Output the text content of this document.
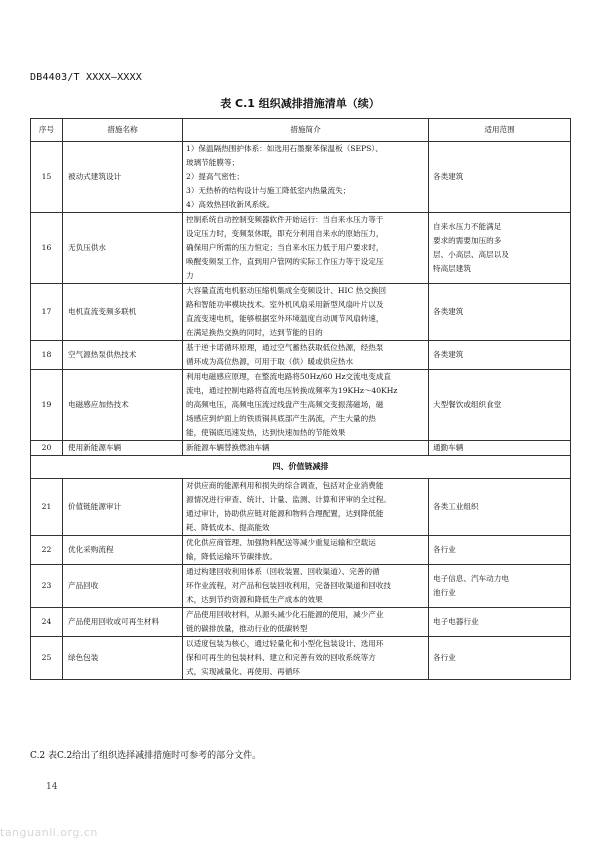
DB4403/T XXXX—XXXX
表 C.1 组织减排措施清单（续）
序号	措施名称	措施简介	适用范围
15	被动式建筑设计	1）保温隔热围护体系：如选用石墨聚苯保温板（SEPS）、
玻璃节能膜等；
2）提高气密性；
3）无热桥的结构设计与施工降低室内热量流失；
4）高效热回收新风系统。	各类建筑

16	无负压供水	控制系统自动控制变频器软件开始运行：当自来水压力等于
设定压力时，变频泵休眠，即充分利用自来水的原始压力，
确保用户所需的压力恒定；当自来水压力低于用户要求时，
唤醒变频泵工作，直到用户管网的实际工作压力等于设定压
力	自来水压力不能满足
要求的需要加压的多
层、小高层、高层以及
特高层建筑

17	电机直流变频多联机	大容量直流电机驱动压缩机集成全变频设计、HIC 热交换回
路和智能功率模块技术。室外机风扇采用新型风扇叶片以及
直流变速电机，能够根据室外环境温度自动调节风扇转速，
在满足换热交换的同时，达到节能的目的	各类建筑

18	空气源热泵供热技术	基于逆卡诺循环原理，通过空气蓄热获取低位热源，经热泵
循环成为高位热源，可用于取（供）暖或供应热水	各类建筑

19	电磁感应加热技术	利用电磁感应原理，在整流电路将50Hz/60 Hz交流电变成直
流电，通过控制电路将直流电压转换成频率为19KHz～40KHz
的高频电压，高频电压流过线盘产生高频交变振荡磁场，磁
场感应到炉面上的铁质锅具底部产生涡流，产生大量的热
能，使锅底迅速发热，达到快速加热的节能效果	大型餐饮或组织食堂

20	使用新能源车辆	新能源车辆替换燃油车辆	通勤车辆

四、价值链减排			
21	价值链能源审计	对供应商的能源利用和损失的综合调查，包括对企业消费能
源情况进行审查、统计、计量、监测、计算和评审的全过程。
通过审计，协助供应链对能源和物料合理配置，达到降低能
耗、降低成本、提高能效	各类工业组织

22	优化采购流程	优化供应商管理、加强物料配送等减少重复运输和空载运
输，降低运输环节碳排放。	各行业

23	产品回收	通过构建回收利用体系（回收装置、回收渠道）、完善的循
环作业流程，对产品和包装回收利用，完备回收渠道和回收技
术，达到节约资源和降低生产成本的效果	电子信息、汽车动力电
池行业

24	产品使用回收或可再生材料	产品使用回收材料，从源头减少化石能源的使用，减少产业
链的碳排放量，推动行业的低碳转型	电子电器行业

25	绿色包装	以适度包装为核心，通过轻量化和小型化包装设计、选用环
保和可再生的包装材料、建立和完善有效的回收系统等方
式，实现减量化、再使用、再循环	各行业
C.2 表C.2给出了组织选择减排措施时可参考的部分文件。
14
tanguanli.org.cn
